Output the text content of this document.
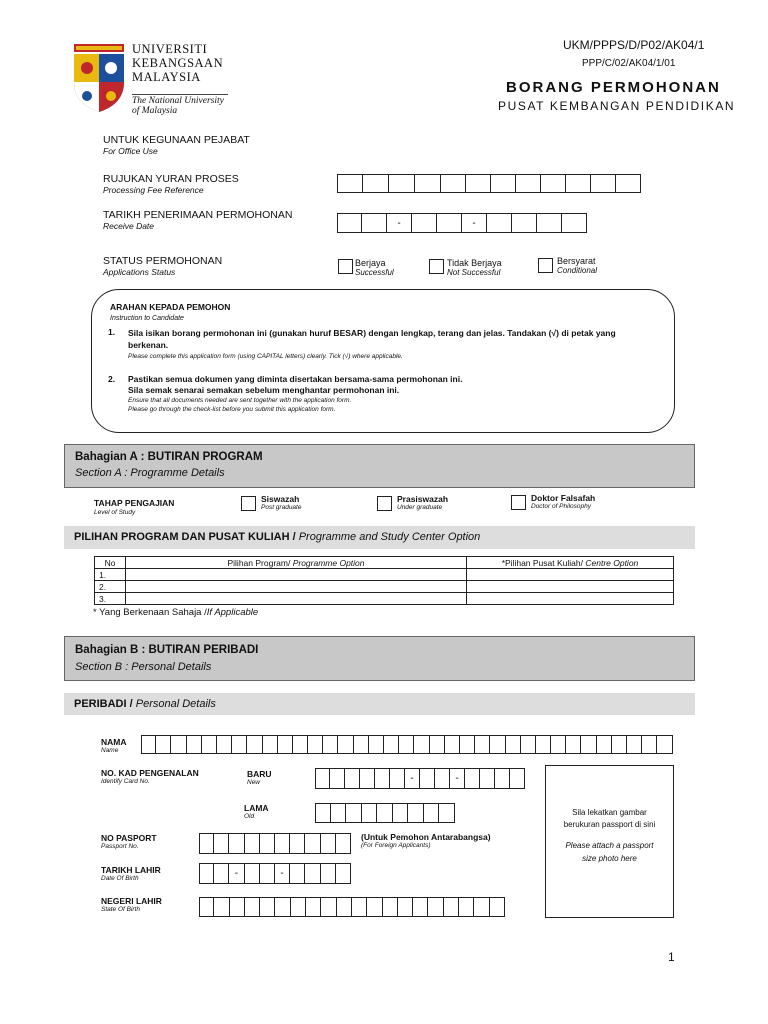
UNIVERSITI
KEBANGSAAN
MALAYSIA
The National University
of Malaysia
UKM/PPPS/D/P02/AK04/1
PPP/C/02/AK04/1/01
BORANG PERMOHONAN
PUSAT KEMBANGAN PENDIDIKAN
UNTUK KEGUNAAN PEJABAT
For Office Use
RUJUKAN YURAN PROSES
Processing Fee Reference
TARIKH PENERIMAAN PERMOHONAN
Receive Date	-	-
STATUS PERMOHONAN
Applications Status
Berjaya
Successful
Tidak Berjaya
Not Successful
Bersyarat
Conditional
ARAHAN KEPADA PEMOHON
Instruction to Candidate
1. Sila isikan borang permohonan ini (gunakan huruf BESAR) dengan lengkap, terang dan jelas. Tandakan (√) di petak yang
berkenan.
Please complete this application form (using CAPITAL letters) clearly. Tick (√) where applicable.
2. Pastikan semua dokumen yang diminta disertakan bersama-sama permohonan ini.
Sila semak senarai semakan sebelum menghantar permohonan ini.
Ensure that all documents needed are sent together with the application form.
Please go through the check-list before you submit this application form.
Bahagian A : BUTIRAN PROGRAM
Section A : Programme Details
TAHAP PENGAJIAN
Level of Study
Siswazah
Post graduate
Prasiswazah
Under graduate
Doktor Falsafah
Doctor of Philosophy
PILIHAN PROGRAM DAN PUSAT KULIAH / Programme and Study Center Option
No	Pilihan Program/ Programme Option	*Pilihan Pusat Kuliah/ Centre Option
1.		
2.		
3.		
* Yang Berkenaan Sahaja /If Applicable
Bahagian B : BUTIRAN PERIBADI
Section B : Personal Details
PERIBADI / Personal Details
NAMA
Name
NO. KAD PENGENALAN
Identify Card No.
BARU
New	-	-
LAMA
Old
NO PASPORT
Passport No.
(Untuk Pemohon Antarabangsa)
(For Foreign Applicants)
TARIKH LAHIR
Date Of Birth	-	-
NEGERI LAHIR
State Of Birth
Sila lekatkan gambar
berukuran passport di sini
Please attach a passport
size photo here
1
